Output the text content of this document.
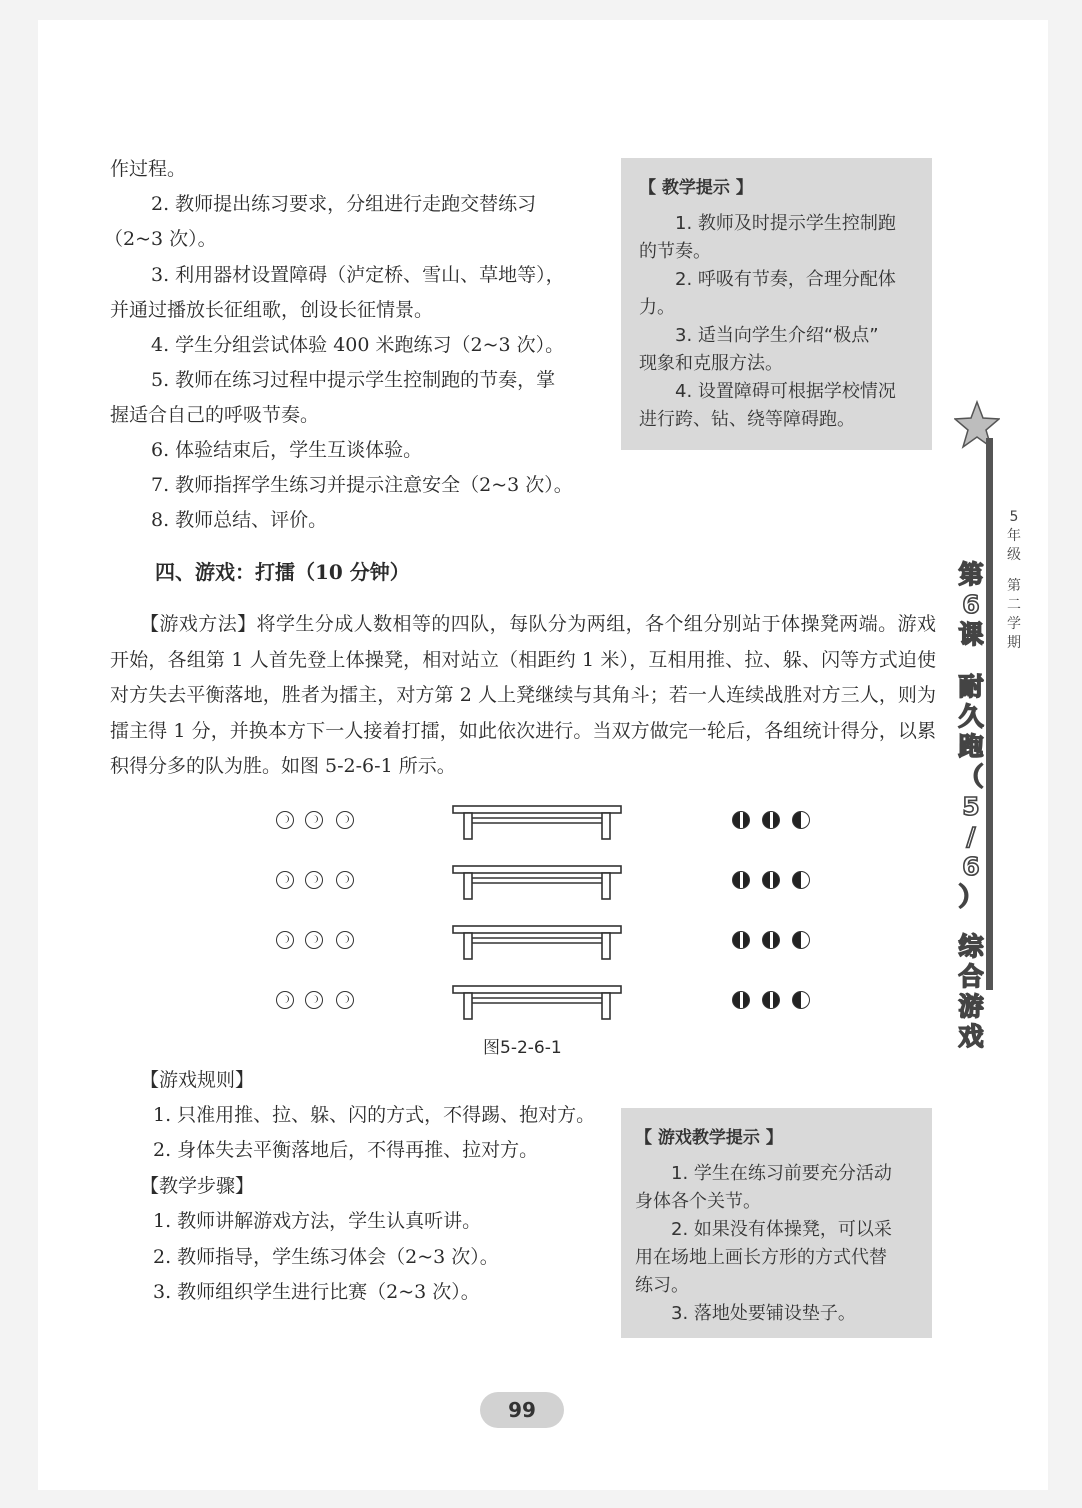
作过程。

2. 教师提出练习要求，分组进行走跑交替练习

（2~3 次）。

3. 利用器材设置障碍（泸定桥、雪山、草地等），

并通过播放长征组歌，创设长征情景。

4. 学生分组尝试体验 400 米跑练习（2~3 次）。

5. 教师在练习过程中提示学生控制跑的节奏，掌

握适合自己的呼吸节奏。

6. 体验结束后，学生互谈体验。

7. 教师指挥学生练习并提示注意安全（2~3 次）。

8. 教师总结、评价。

【 教学提示 】

1. 教师及时提示学生控制跑

的节奏。

2. 呼吸有节奏，合理分配体

力。

3. 适当向学生介绍“极点”

现象和克服方法。

4. 设置障碍可根据学校情况

进行跨、钻、绕等障碍跑。

四、游戏：打擂（10 分钟）

【游戏方法】将学生分成人数相等的四队，每队分为两组，各个组分别站于体操凳两端。游戏开始，各组第 1 人首先登上体操凳，相对站立（相距约 1 米），互相用推、拉、躲、闪等方式迫使对方失去平衡落地，胜者为擂主，对方第 2 人上凳继续与其角斗；若一人连续战胜对方三人，则为擂主得 1 分，并换本方下一人接着打擂，如此依次进行。当双方做完一轮后，各组统计得分，以累积得分多的队为胜。如图 5-2-6-1 所示。

图5-2-6-1
【游戏规则】
1. 只准用推、拉、躲、闪的方式，不得踢、抱对方。
2. 身体失去平衡落地后，不得再推、拉对方。
【教学步骤】
1. 教师讲解游戏方法，学生认真听讲。
2. 教师指导，学生练习体会（2~3 次）。
3. 教师组织学生进行比赛（2~3 次）。
【 游戏教学提示 】

1. 学生在练习前要充分活动

身体各个关节。

2. 如果没有体操凳，可以采

用在场地上画长方形的方式代替

练习。

3. 落地处要铺设垫子。

5
年
级
第
二
学
期
第
6
课
耐
久
跑
（
5
/
6
）
综
合
游
戏
99
